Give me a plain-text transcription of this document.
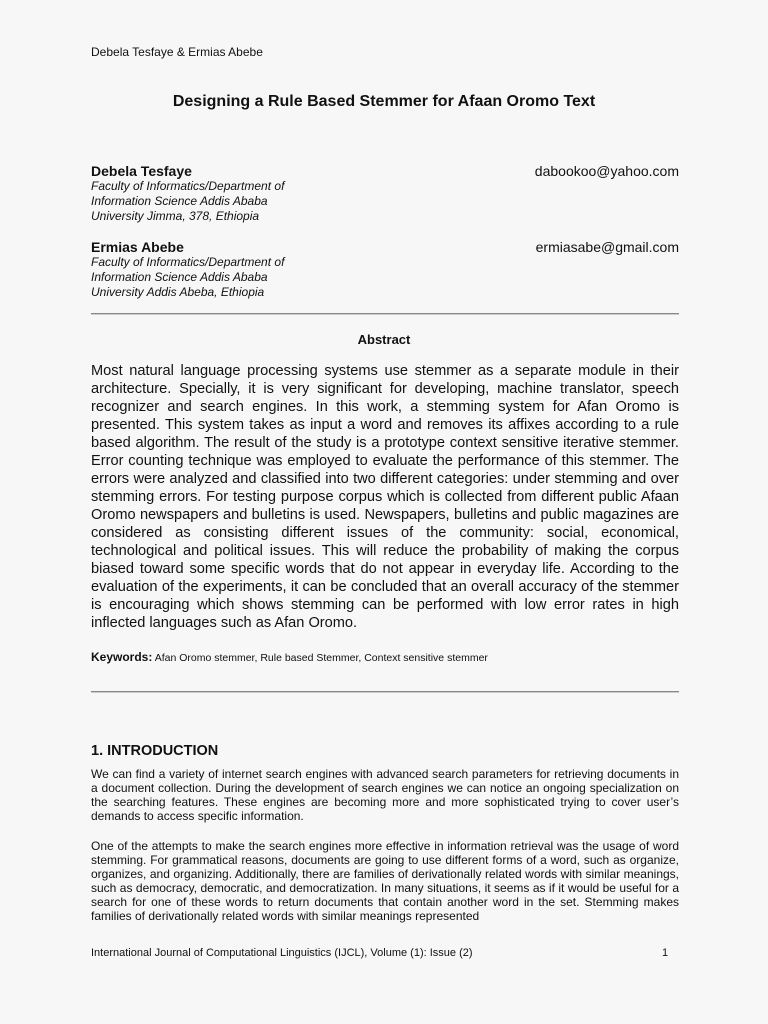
Debela Tesfaye & Ermias Abebe
Designing a Rule Based Stemmer for Afaan Oromo Text
Debela Tesfaye	dabookoo@yahoo.com
Faculty of Informatics/Department of
Information Science Addis Ababa
University Jimma, 378, Ethiopia
Ermias Abebe	ermiasabe@gmail.com
Faculty of Informatics/Department of
Information Science Addis Ababa
University Addis Abeba, Ethiopia
Abstract
Most natural language processing systems use stemmer as a separate module in their architecture. Specially, it is very significant for developing, machine translator, speech recognizer and search engines. In this work, a stemming system for Afan Oromo is presented. This system takes as input a word and removes its affixes according to a rule based algorithm. The result of the study is a prototype context sensitive iterative stemmer. Error counting technique was employed to evaluate the performance of this stemmer. The errors were analyzed and classified into two different categories: under stemming and over stemming errors. For testing purpose corpus which is collected from different public Afaan Oromo newspapers and bulletins is used. Newspapers, bulletins and public magazines are considered as consisting different issues of the community: social, economical, technological and political issues. This will reduce the probability of making the corpus biased toward some specific words that do not appear in everyday life. According to the evaluation of the experiments, it can be concluded that an overall accuracy of the stemmer is encouraging which shows stemming can be performed with low error rates in high inflected languages such as Afan Oromo.
Keywords: Afan Oromo stemmer, Rule based Stemmer, Context sensitive stemmer
1. INTRODUCTION
We can find a variety of internet search engines with advanced search parameters for retrieving documents in a document collection. During the development of search engines we can notice an ongoing specialization on the searching features. These engines are becoming more and more sophisticated trying to cover user’s demands to access specific information.
One of the attempts to make the search engines more effective in information retrieval was the usage of word stemming. For grammatical reasons, documents are going to use different forms of a word, such as organize, organizes, and organizing. Additionally, there are families of derivationally related words with similar meanings, such as democracy, democratic, and democratization. In many situations, it seems as if it would be useful for a search for one of these words to return documents that contain another word in the set. Stemming makes families of derivationally related words with similar meanings represented
International Journal of Computational Linguistics (IJCL), Volume (1): Issue (2)	1
